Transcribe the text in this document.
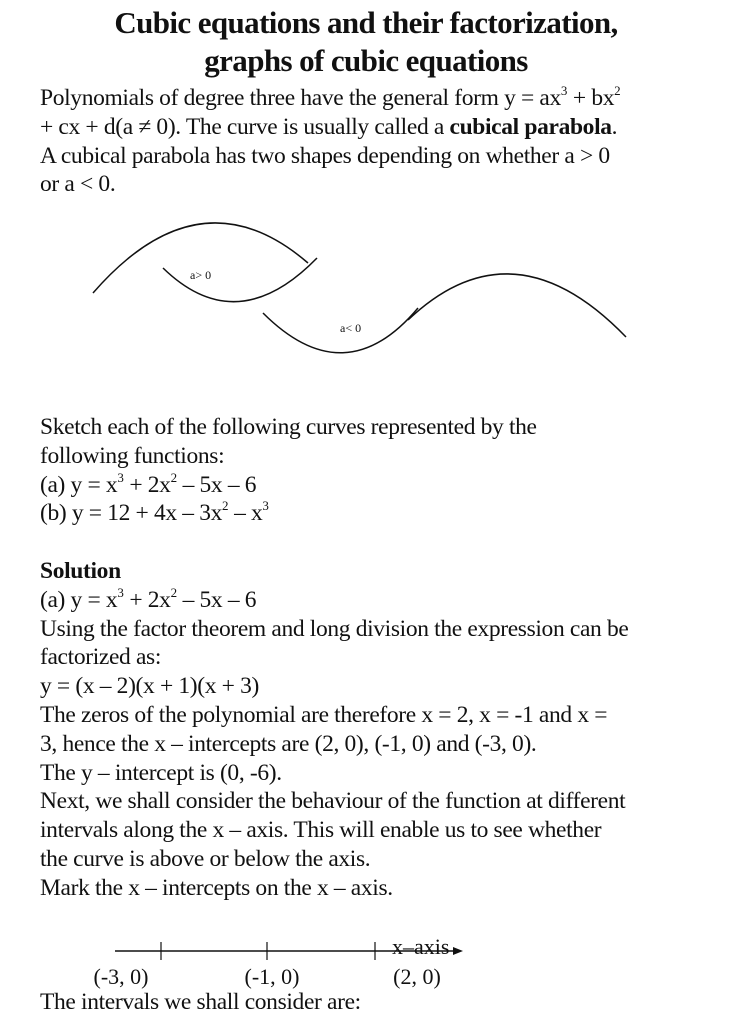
Cubic equations and their factorization,
graphs of cubic equations
Polynomials of degree three have the general form $y = ax^3 + bx^2$
+ cx + d(a ≠ 0). The curve is usually called a cubical parabola.
A cubical parabola has two shapes depending on whether a > 0
or a < 0.
a> 0
a< 0
Sketch each of the following curves represented by the
following functions:
(a) $y = x^3 + 2x^2 - 5x - 6$
(b) $y = 12 + 4x - 3x^2 - x^3$
Solution
(a) $y = x^3 + 2x^2 - 5x - 6$
Using the factor theorem and long division the expression can be
factorized as:
y = (x – 2)(x + 1)(x + 3)
The zeros of the polynomial are therefore x = 2, x = -1 and x =
3, hence the x – intercepts are (2, 0), (-1, 0) and (-3, 0).
The y – intercept is (0, -6).
Next, we shall consider the behaviour of the function at different
intervals along the x – axis. This will enable us to see whether
the curve is above or below the axis.
Mark the x – intercepts on the x – axis.
x–axis
(-3, 0)	(-1, 0)	(2, 0)
The intervals we shall consider are:
